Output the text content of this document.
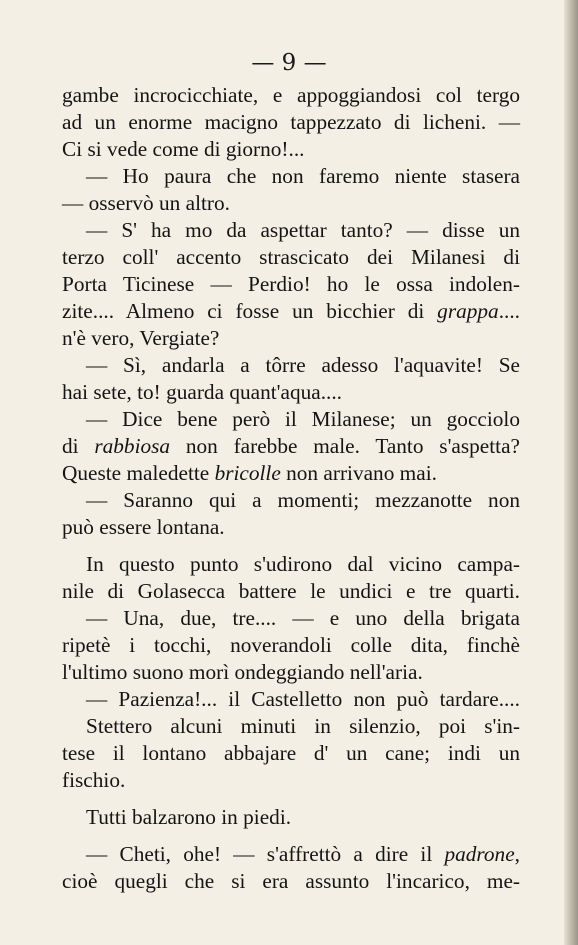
— 9 —
gambe incrocicchiate, e appoggiandosi col tergo
ad un enorme macigno tappezzato di licheni. —
Ci si vede come di giorno!...
— Ho paura che non faremo niente stasera
— osservò un altro.
— S' ha mo da aspettar tanto? — disse un
terzo coll' accento strascicato dei Milanesi di
Porta Ticinese — Perdio! ho le ossa indolen-
zite.... Almeno ci fosse un bicchier di grappa....
n'è vero, Vergiate?
— Sì, andarla a tôrre adesso l'aquavite! Se
hai sete, to! guarda quant'aqua....
— Dice bene però il Milanese; un gocciolo
di rabbiosa non farebbe male. Tanto s'aspetta?
Queste maledette bricolle non arrivano mai.
— Saranno qui a momenti; mezzanotte non
può essere lontana.
In questo punto s'udirono dal vicino campa-
nile di Golasecca battere le undici e tre quarti.
— Una, due, tre.... — e uno della brigata
ripetè i tocchi, noverandoli colle dita, finchè
l'ultimo suono morì ondeggiando nell'aria.
— Pazienza!... il Castelletto non può tardare....
Stettero alcuni minuti in silenzio, poi s'in-
tese il lontano abbajare d' un cane; indi un
fischio.
Tutti balzarono in piedi.
— Cheti, ohe! — s'affrettò a dire il padrone,
cioè quegli che si era assunto l'incarico, me-
